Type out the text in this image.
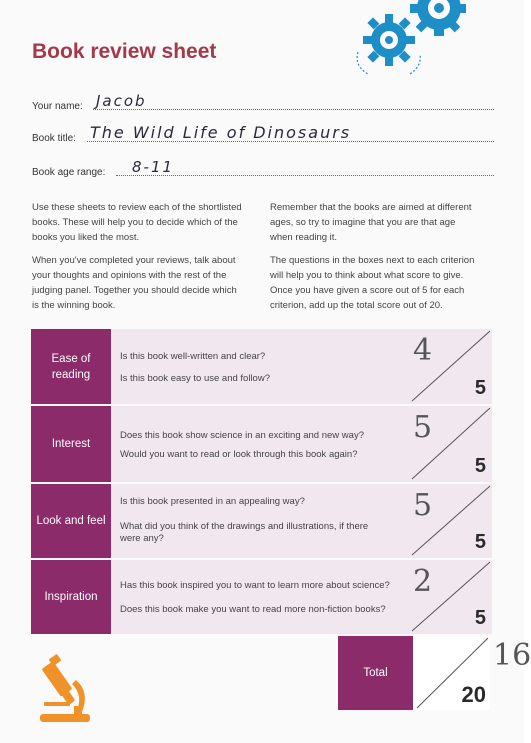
Book review sheet
Your name: Jacob
Book title: The Wild Life of Dinosaurs
Book age range: 8-11
Use these sheets to review each of the shortlisted books. These will help you to decide which of the books you liked the most.
When you've completed your reviews, talk about your thoughts and opinions with the rest of the judging panel. Together you should decide which is the winning book.
Remember that the books are aimed at different ages, so try to imagine that you are that age when reading it.
The questions in the boxes next to each criterion will help you to think about what score to give. Once you have given a score out of 5 for each criterion, add up the total score out of 20.
Ease of reading
Is this book well-written and clear?
Is this book easy to use and follow?
4
5
Interest
Does this book show science in an exciting and new way?
Would you want to read or look through this book again?
5
5
Look and feel
Is this book presented in an appealing way?
What did you think of the drawings and illustrations, if there were any?
5
5
Inspiration
Has this book inspired you to want to learn more about science?
Does this book make you want to read more non-fiction books?
2
5
Total	16
20
